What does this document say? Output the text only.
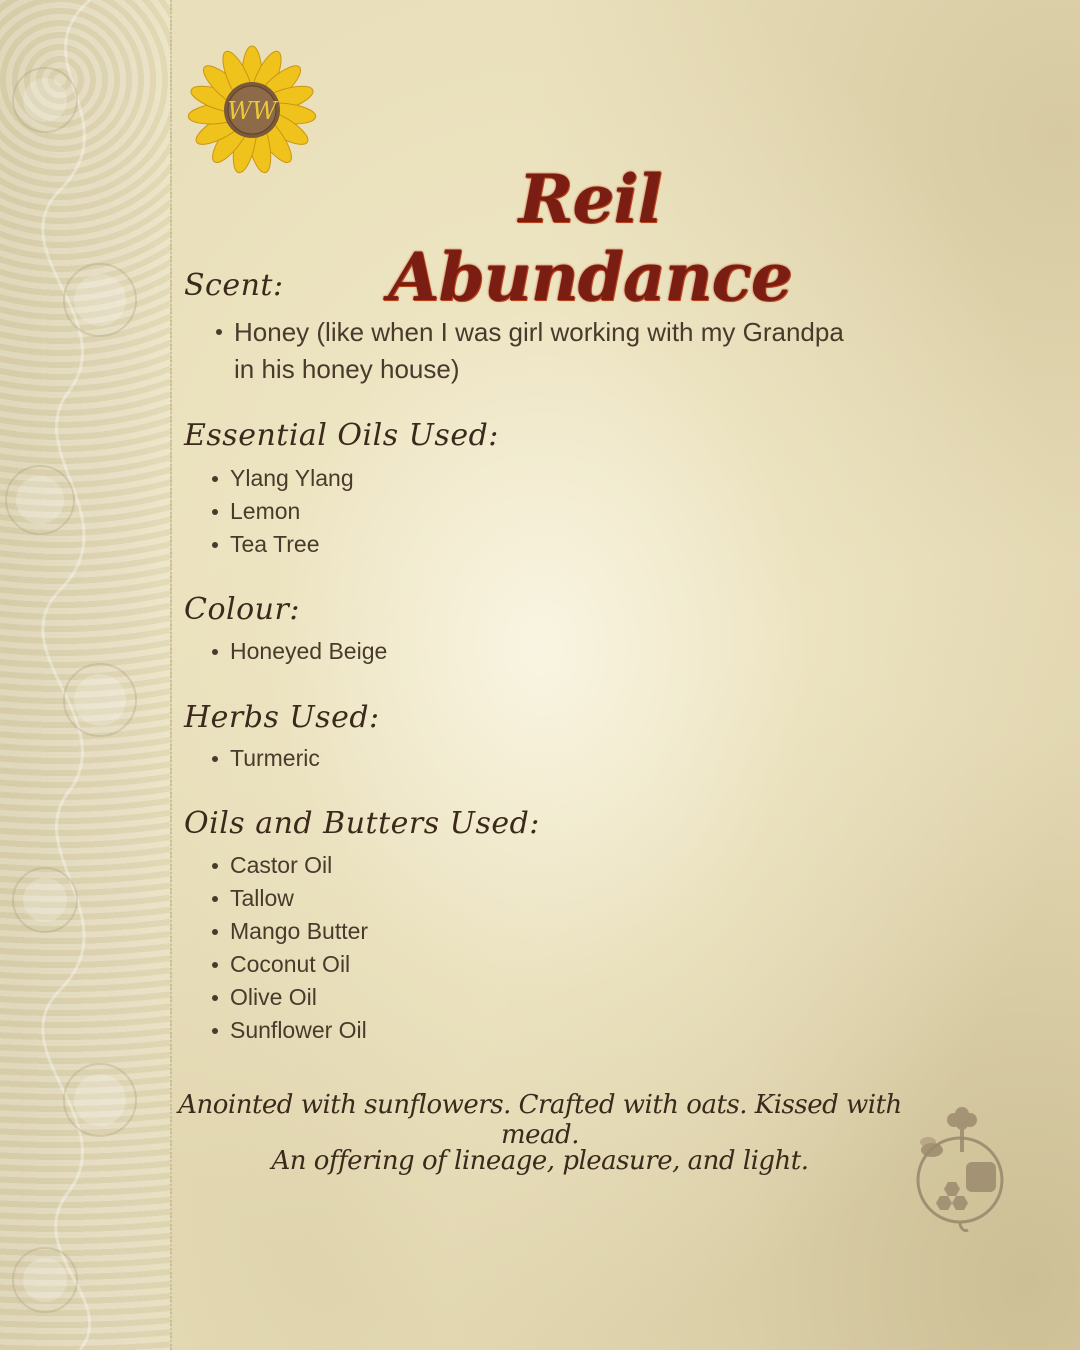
WW
Reil Abundance
Scent:
Honey (like when I was girl working with my Grandpa in his honey house)
Essential Oils Used:
Ylang Ylang
Lemon
Tea Tree
Colour:
Honeyed Beige
Herbs Used:
Turmeric
Oils and Butters Used:
Castor Oil
Tallow
Mango Butter
Coconut Oil
Olive Oil
Sunflower Oil
Anointed with sunflowers. Crafted with oats. Kissed with mead.
An offering of lineage, pleasure, and light.
